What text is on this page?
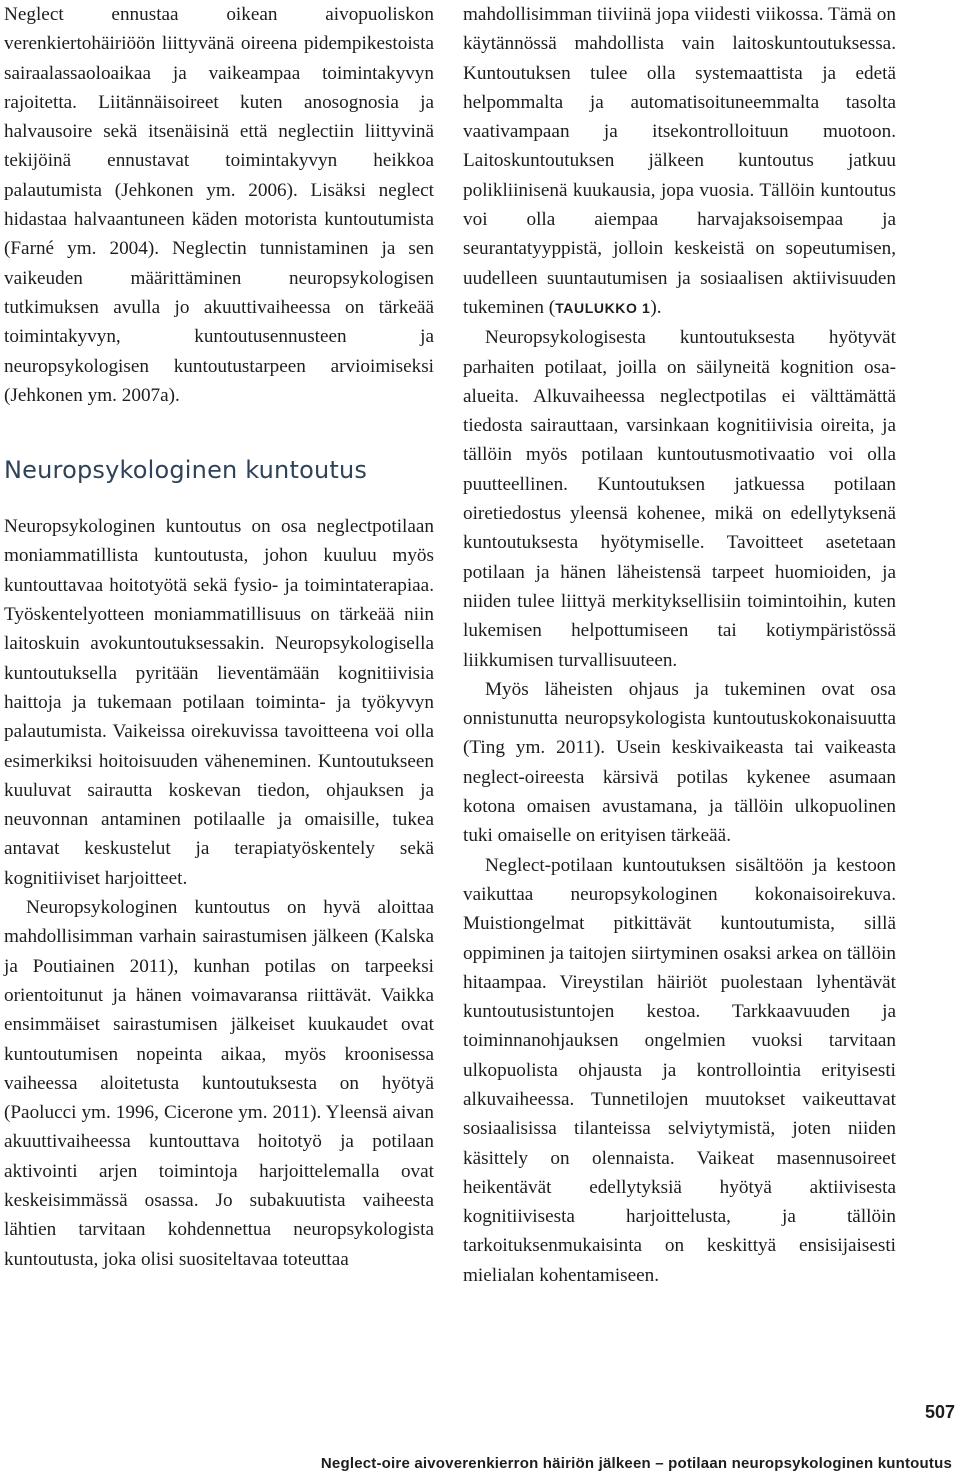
Neglect ennustaa oikean aivopuoliskon verenkiertohäiriöön liittyvänä oireena pidempikestoista sairaalassaoloaikaa ja vaikeampaa toimintakyvyn rajoitetta. Liitännäisoireet kuten anosognosia ja halvausoire sekä itsenäisinä että neglectiin liittyvinä tekijöinä ennustavat toimintakyvyn heikkoa palautumista (Jehkonen ym. 2006). Lisäksi neglect hidastaa halvaantuneen käden motorista kuntoutumista (Farné ym. 2004). Neglectin tunnistaminen ja sen vaikeuden määrittäminen neuropsykologisen tutkimuksen avulla jo akuuttivaiheessa on tärkeää toimintakyvyn, kuntoutusennusteen ja neuropsykologisen kuntoutustarpeen arvioimiseksi (Jehkonen ym. 2007a).

Neuropsykologinen kuntoutus

Neuropsykologinen kuntoutus on osa neglectpotilaan moniammatillista kuntoutusta, johon kuuluu myös kuntouttavaa hoitotyötä sekä fysio- ja toimintaterapiaa. Työskentelyotteen moniammatillisuus on tärkeää niin laitoskuin avokuntoutuksessakin. Neuropsykologisella kuntoutuksella pyritään lieventämään kognitiivisia haittoja ja tukemaan potilaan toiminta- ja työkyvyn palautumista. Vaikeissa oirekuvissa tavoitteena voi olla esimerkiksi hoitoisuuden väheneminen. Kuntoutukseen kuuluvat sairautta koskevan tiedon, ohjauksen ja neuvonnan antaminen potilaalle ja omaisille, tukea antavat keskustelut ja terapiatyöskentely sekä kognitiiviset harjoitteet.

Neuropsykologinen kuntoutus on hyvä aloittaa mahdollisimman varhain sairastumisen jälkeen (Kalska ja Poutiainen 2011), kunhan potilas on tarpeeksi orientoitunut ja hänen voimavaransa riittävät. Vaikka ensimmäiset sairastumisen jälkeiset kuukaudet ovat kuntoutumisen nopeinta aikaa, myös kroonisessa vaiheessa aloitetusta kuntoutuksesta on hyötyä (Paolucci ym. 1996, Cicerone ym. 2011). Yleensä aivan akuuttivaiheessa kuntouttava hoitotyö ja potilaan aktivointi arjen toimintoja harjoittelemalla ovat keskeisimmässä osassa. Jo subakuutista vaiheesta lähtien tarvitaan kohdennettua neuropsykologista kuntoutusta, joka olisi suositeltavaa toteuttaa

mahdollisimman tiiviinä jopa viidesti viikossa. Tämä on käytännössä mahdollista vain laitoskuntoutuksessa. Kuntoutuksen tulee olla systemaattista ja edetä helpommalta ja automatisoituneemmalta tasolta vaativampaan ja itsekontrolloituun muotoon. Laitoskuntoutuksen jälkeen kuntoutus jatkuu polikliinisenä kuukausia, jopa vuosia. Tällöin kuntoutus voi olla aiempaa harvajaksoisempaa ja seurantatyyppistä, jolloin keskeistä on sopeutumisen, uudelleen suuntautumisen ja sosiaalisen aktiivisuuden tukeminen (TAULUKKO 1).

Neuropsykologisesta kuntoutuksesta hyötyvät parhaiten potilaat, joilla on säilyneitä kognition osa-alueita. Alkuvaiheessa neglectpotilas ei välttämättä tiedosta sairauttaan, varsinkaan kognitiivisia oireita, ja tällöin myös potilaan kuntoutusmotivaatio voi olla puutteellinen. Kuntoutuksen jatkuessa potilaan oiretiedostus yleensä kohenee, mikä on edellytyksenä kuntoutuksesta hyötymiselle. Tavoitteet asetetaan potilaan ja hänen läheistensä tarpeet huomioiden, ja niiden tulee liittyä merkityksellisiin toimintoihin, kuten lukemisen helpottumiseen tai kotiympäristössä liikkumisen turvallisuuteen.

Myös läheisten ohjaus ja tukeminen ovat osa onnistunutta neuropsykologista kuntoutuskokonaisuutta (Ting ym. 2011). Usein keskivaikeasta tai vaikeasta neglect-oireesta kärsivä potilas kykenee asumaan kotona omaisen avustamana, ja tällöin ulkopuolinen tuki omaiselle on erityisen tärkeää.

Neglect-potilaan kuntoutuksen sisältöön ja kestoon vaikuttaa neuropsykologinen kokonaisoirekuva. Muistiongelmat pitkittävät kuntoutumista, sillä oppiminen ja taitojen siirtyminen osaksi arkea on tällöin hitaampaa. Vireystilan häiriöt puolestaan lyhentävät kuntoutusistuntojen kestoa. Tarkkaavuuden ja toiminnanohjauksen ongelmien vuoksi tarvitaan ulkopuolista ohjausta ja kontrollointia erityisesti alkuvaiheessa. Tunnetilojen muutokset vaikeuttavat sosiaalisissa tilanteissa selviytymistä, joten niiden käsittely on olennaista. Vaikeat masennusoireet heikentävät edellytyksiä hyötyä aktiivisesta kognitiivisesta harjoittelusta, ja tällöin tarkoituksenmukaisinta on keskittyä ensisijaisesti mielialan kohentamiseen.

507
Neglect-oire aivoverenkierron häiriön jälkeen – potilaan neuropsykologinen kuntoutus
